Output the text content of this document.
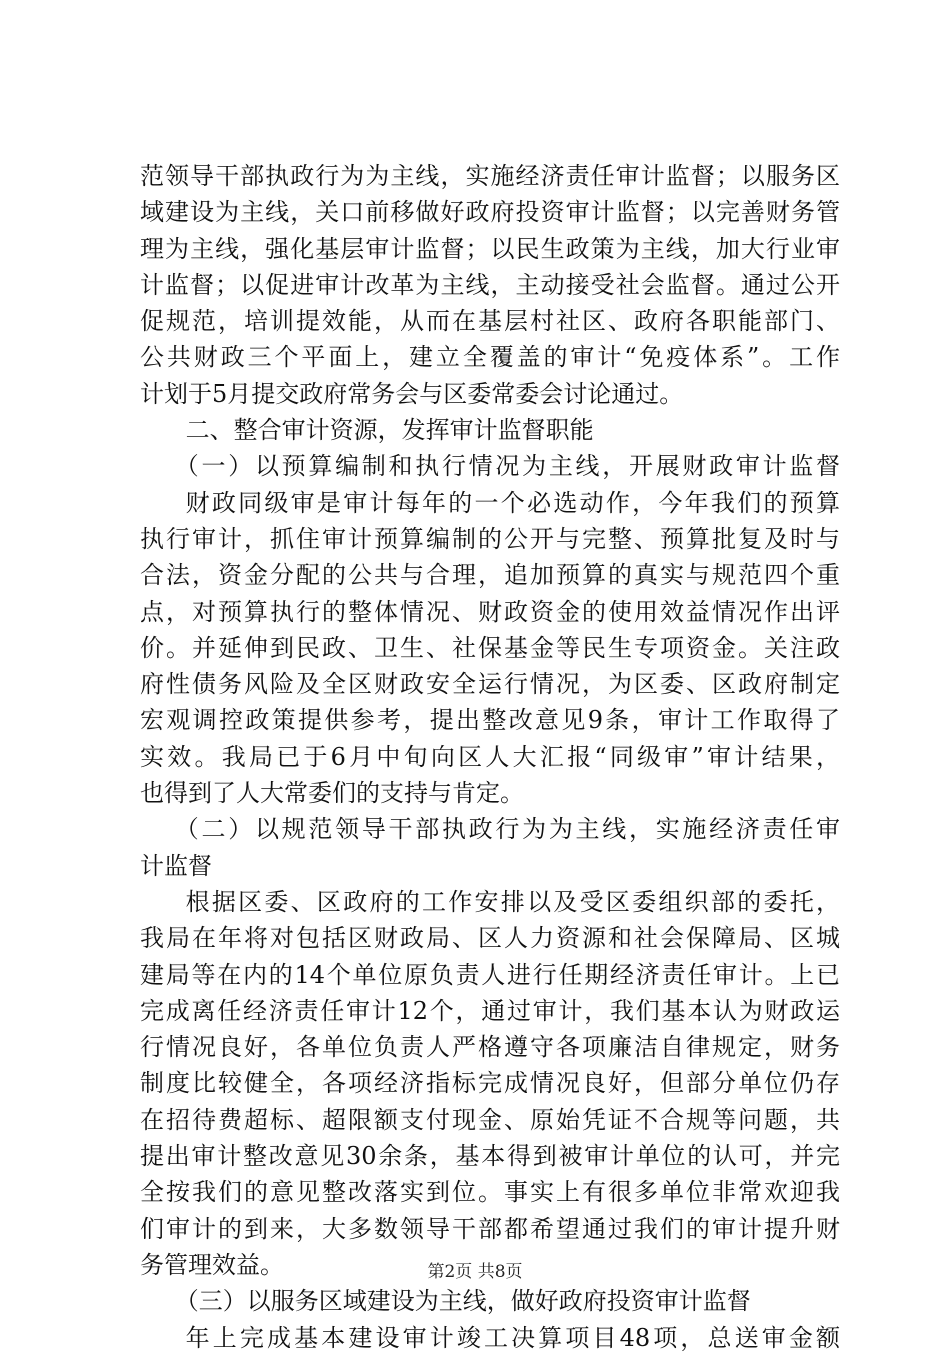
范领导干部执政行为为主线，实施经济责任审计监督；以服务区
域建设为主线，关口前移做好政府投资审计监督；以完善财务管
理为主线，强化基层审计监督；以民生政策为主线，加大行业审
计监督；以促进审计改革为主线，主动接受社会监督。通过公开
促规范，培训提效能，从而在基层村社区、政府各职能部门、
公共财政三个平面上，建立全覆盖的审计“免疫体系”。工作
计划于5月提交政府常务会与区委常委会讨论通过。
二、整合审计资源，发挥审计监督职能
（一）以预算编制和执行情况为主线，开展财政审计监督
财政同级审是审计每年的一个必选动作，今年我们的预算
执行审计，抓住审计预算编制的公开与完整、预算批复及时与
合法，资金分配的公共与合理，追加预算的真实与规范四个重
点，对预算执行的整体情况、财政资金的使用效益情况作出评
价。并延伸到民政、卫生、社保基金等民生专项资金。关注政
府性债务风险及全区财政安全运行情况，为区委、区政府制定
宏观调控政策提供参考，提出整改意见9条，审计工作取得了
实效。我局已于6月中旬向区人大汇报“同级审”审计结果，
也得到了人大常委们的支持与肯定。
（二）以规范领导干部执政行为为主线，实施经济责任审
计监督
根据区委、区政府的工作安排以及受区委组织部的委托，
我局在年将对包括区财政局、区人力资源和社会保障局、区城
建局等在内的14个单位原负责人进行任期经济责任审计。上已
完成离任经济责任审计12个，通过审计，我们基本认为财政运
行情况良好，各单位负责人严格遵守各项廉洁自律规定，财务
制度比较健全，各项经济指标完成情况良好，但部分单位仍存
在招待费超标、超限额支付现金、原始凭证不合规等问题，共
提出审计整改意见30余条，基本得到被审计单位的认可，并完
全按我们的意见整改落实到位。事实上有很多单位非常欢迎我
们审计的到来，大多数领导干部都希望通过我们的审计提升财
务管理效益。
（三）以服务区域建设为主线，做好政府投资审计监督
年上完成基本建设审计竣工决算项目48项，总送审金额
第2页 共8页
